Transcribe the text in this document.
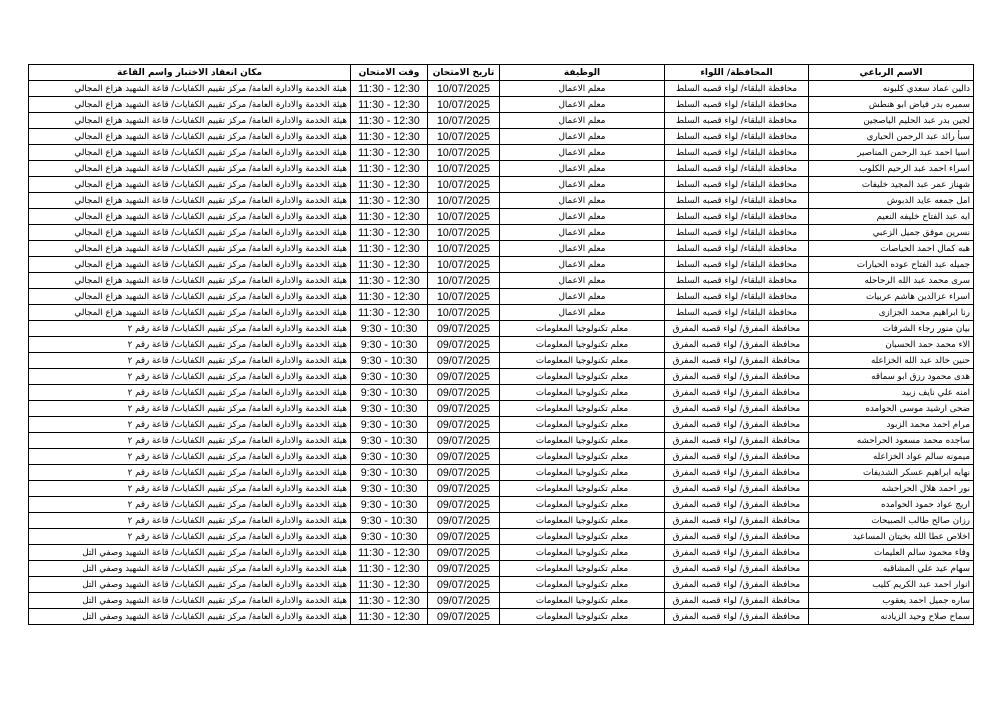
الاسم الرباعي	المحافظة/ اللواء	الوظيفة	تاريخ الامتحان	وقت الامتحان	مكان انعقاد الاختبار واسم القاعة
دالين عماد سعدي كلبونه	محافظة البلقاء/ لواء قصبه السلط	معلم الاعمال	10/07/2025	11:30 - 12:30	هيئة الخدمة والادارة العامة/ مركز تقييم الكفايات/ قاعة الشهيد هزاع المجالي
سميره بدر فياض ابو هنطش	محافظة البلقاء/ لواء قصبه السلط	معلم الاعمال	10/07/2025	11:30 - 12:30	هيئة الخدمة والادارة العامة/ مركز تقييم الكفايات/ قاعة الشهيد هزاع المجالي
لجين بدر عبد الحليم الياصجين	محافظة البلقاء/ لواء قصبه السلط	معلم الاعمال	10/07/2025	11:30 - 12:30	هيئة الخدمة والادارة العامة/ مركز تقييم الكفايات/ قاعة الشهيد هزاع المجالي
سبأ رائد عبد الرحمن الحياري	محافظة البلقاء/ لواء قصبه السلط	معلم الاعمال	10/07/2025	11:30 - 12:30	هيئة الخدمة والادارة العامة/ مركز تقييم الكفايات/ قاعة الشهيد هزاع المجالي
اسيا احمد عبد الرحمن المناصير	محافظة البلقاء/ لواء قصبه السلط	معلم الاعمال	10/07/2025	11:30 - 12:30	هيئة الخدمة والادارة العامة/ مركز تقييم الكفايات/ قاعة الشهيد هزاع المجالي
اسراء احمد عبد الرحيم الكلوب	محافظة البلقاء/ لواء قصبه السلط	معلم الاعمال	10/07/2025	11:30 - 12:30	هيئة الخدمة والادارة العامة/ مركز تقييم الكفايات/ قاعة الشهيد هزاع المجالي
شهناز عمر عبد المجيد خليفات	محافظة البلقاء/ لواء قصبه السلط	معلم الاعمال	10/07/2025	11:30 - 12:30	هيئة الخدمة والادارة العامة/ مركز تقييم الكفايات/ قاعة الشهيد هزاع المجالي
امل جمعه عايد الدبوش	محافظة البلقاء/ لواء قصبه السلط	معلم الاعمال	10/07/2025	11:30 - 12:30	هيئة الخدمة والادارة العامة/ مركز تقييم الكفايات/ قاعة الشهيد هزاع المجالي
ايه عبد الفتاح خليفه النعيم	محافظة البلقاء/ لواء قصبه السلط	معلم الاعمال	10/07/2025	11:30 - 12:30	هيئة الخدمة والادارة العامة/ مركز تقييم الكفايات/ قاعة الشهيد هزاع المجالي
نسرين موفق جميل الزعبي	محافظة البلقاء/ لواء قصبه السلط	معلم الاعمال	10/07/2025	11:30 - 12:30	هيئة الخدمة والادارة العامة/ مركز تقييم الكفايات/ قاعة الشهيد هزاع المجالي
هبه كمال احمد الحياصات	محافظة البلقاء/ لواء قصبه السلط	معلم الاعمال	10/07/2025	11:30 - 12:30	هيئة الخدمة والادارة العامة/ مركز تقييم الكفايات/ قاعة الشهيد هزاع المجالي
جميله عبد الفتاح عوده الحيارات	محافظة البلقاء/ لواء قصبه السلط	معلم الاعمال	10/07/2025	11:30 - 12:30	هيئة الخدمة والادارة العامة/ مركز تقييم الكفايات/ قاعة الشهيد هزاع المجالي
سرى محمد عبد الله الرحاحله	محافظة البلقاء/ لواء قصبه السلط	معلم الاعمال	10/07/2025	11:30 - 12:30	هيئة الخدمة والادارة العامة/ مركز تقييم الكفايات/ قاعة الشهيد هزاع المجالي
اسراء عزالدين هاشم عربيات	محافظة البلقاء/ لواء قصبه السلط	معلم الاعمال	10/07/2025	11:30 - 12:30	هيئة الخدمة والادارة العامة/ مركز تقييم الكفايات/ قاعة الشهيد هزاع المجالي
رنا ابراهيم محمد الجزازى	محافظة البلقاء/ لواء قصبه السلط	معلم الاعمال	10/07/2025	11:30 - 12:30	هيئة الخدمة والادارة العامة/ مركز تقييم الكفايات/ قاعة الشهيد هزاع المجالي
بيان منور رجاء الشرفات	محافظة المفرق/ لواء قصبه المفرق	معلم تكنولوجيا المعلومات	09/07/2025	9:30 - 10:30	هيئة الخدمة والادارة العامة/ مركز تقييم الكفايات/ قاعة رقم ٢
الاء محمد حمد الحسبان	محافظة المفرق/ لواء قصبه المفرق	معلم تكنولوجيا المعلومات	09/07/2025	9:30 - 10:30	هيئة الخدمة والادارة العامة/ مركز تقييم الكفايات/ قاعة رقم ٢
حنين خالد عبد الله الخزاعله	محافظة المفرق/ لواء قصبه المفرق	معلم تكنولوجيا المعلومات	09/07/2025	9:30 - 10:30	هيئة الخدمة والادارة العامة/ مركز تقييم الكفايات/ قاعة رقم ٢
هدى محمود رزق ابو سماقه	محافظة المفرق/ لواء قصبه المفرق	معلم تكنولوجيا المعلومات	09/07/2025	9:30 - 10:30	هيئة الخدمة والادارة العامة/ مركز تقييم الكفايات/ قاعة رقم ٢
امنه علي نايف زبيد	محافظة المفرق/ لواء قصبه المفرق	معلم تكنولوجيا المعلومات	09/07/2025	9:30 - 10:30	هيئة الخدمة والادارة العامة/ مركز تقييم الكفايات/ قاعة رقم ٢
ضحى ارشيد موسى الحوامده	محافظة المفرق/ لواء قصبه المفرق	معلم تكنولوجيا المعلومات	09/07/2025	9:30 - 10:30	هيئة الخدمة والادارة العامة/ مركز تقييم الكفايات/ قاعة رقم ٢
مرام احمد محمد الزبود	محافظة المفرق/ لواء قصبه المفرق	معلم تكنولوجيا المعلومات	09/07/2025	9:30 - 10:30	هيئة الخدمة والادارة العامة/ مركز تقييم الكفايات/ قاعة رقم ٢
ساجده محمد مسعود الحراحشه	محافظة المفرق/ لواء قصبه المفرق	معلم تكنولوجيا المعلومات	09/07/2025	9:30 - 10:30	هيئة الخدمة والادارة العامة/ مركز تقييم الكفايات/ قاعة رقم ٢
ميمونه سالم عواد الخزاعله	محافظة المفرق/ لواء قصبه المفرق	معلم تكنولوجيا المعلومات	09/07/2025	9:30 - 10:30	هيئة الخدمة والادارة العامة/ مركز تقييم الكفايات/ قاعة رقم ٢
نهايه ابراهيم عسكر الشديفات	محافظة المفرق/ لواء قصبه المفرق	معلم تكنولوجيا المعلومات	09/07/2025	9:30 - 10:30	هيئة الخدمة والادارة العامة/ مركز تقييم الكفايات/ قاعة رقم ٢
نور احمد هلال الحراحشه	محافظة المفرق/ لواء قصبه المفرق	معلم تكنولوجيا المعلومات	09/07/2025	9:30 - 10:30	هيئة الخدمة والادارة العامة/ مركز تقييم الكفايات/ قاعة رقم ٢
اريج عواد حمود الحوامده	محافظة المفرق/ لواء قصبه المفرق	معلم تكنولوجيا المعلومات	09/07/2025	9:30 - 10:30	هيئة الخدمة والادارة العامة/ مركز تقييم الكفايات/ قاعة رقم ٢
رزان صالح طالب الصبيحات	محافظة المفرق/ لواء قصبه المفرق	معلم تكنولوجيا المعلومات	09/07/2025	9:30 - 10:30	هيئة الخدمة والادارة العامة/ مركز تقييم الكفايات/ قاعة رقم ٢
اخلاص عطا الله بخيتان المساعيد	محافظة المفرق/ لواء قصبه المفرق	معلم تكنولوجيا المعلومات	09/07/2025	9:30 - 10:30	هيئة الخدمة والادارة العامة/ مركز تقييم الكفايات/ قاعة رقم ٢
وفاء محمود سالم العليمات	محافظة المفرق/ لواء قصبه المفرق	معلم تكنولوجيا المعلومات	09/07/2025	11:30 - 12:30	هيئة الخدمة والادارة العامة/ مركز تقييم الكفايات/ قاعة الشهيد وصفي التل
سهام عيد علي المشاقبه	محافظة المفرق/ لواء قصبه المفرق	معلم تكنولوجيا المعلومات	09/07/2025	11:30 - 12:30	هيئة الخدمة والادارة العامة/ مركز تقييم الكفايات/ قاعة الشهيد وصفي التل
انوار احمد عبد الكريم كليب	محافظة المفرق/ لواء قصبه المفرق	معلم تكنولوجيا المعلومات	09/07/2025	11:30 - 12:30	هيئة الخدمة والادارة العامة/ مركز تقييم الكفايات/ قاعة الشهيد وصفي التل
ساره جميل احمد يعقوب	محافظة المفرق/ لواء قصبه المفرق	معلم تكنولوجيا المعلومات	09/07/2025	11:30 - 12:30	هيئة الخدمة والادارة العامة/ مركز تقييم الكفايات/ قاعة الشهيد وصفي التل
سماح صلاح وحيد الزيادنه	محافظة المفرق/ لواء قصبه المفرق	معلم تكنولوجيا المعلومات	09/07/2025	11:30 - 12:30	هيئة الخدمة والادارة العامة/ مركز تقييم الكفايات/ قاعة الشهيد وصفي التل
